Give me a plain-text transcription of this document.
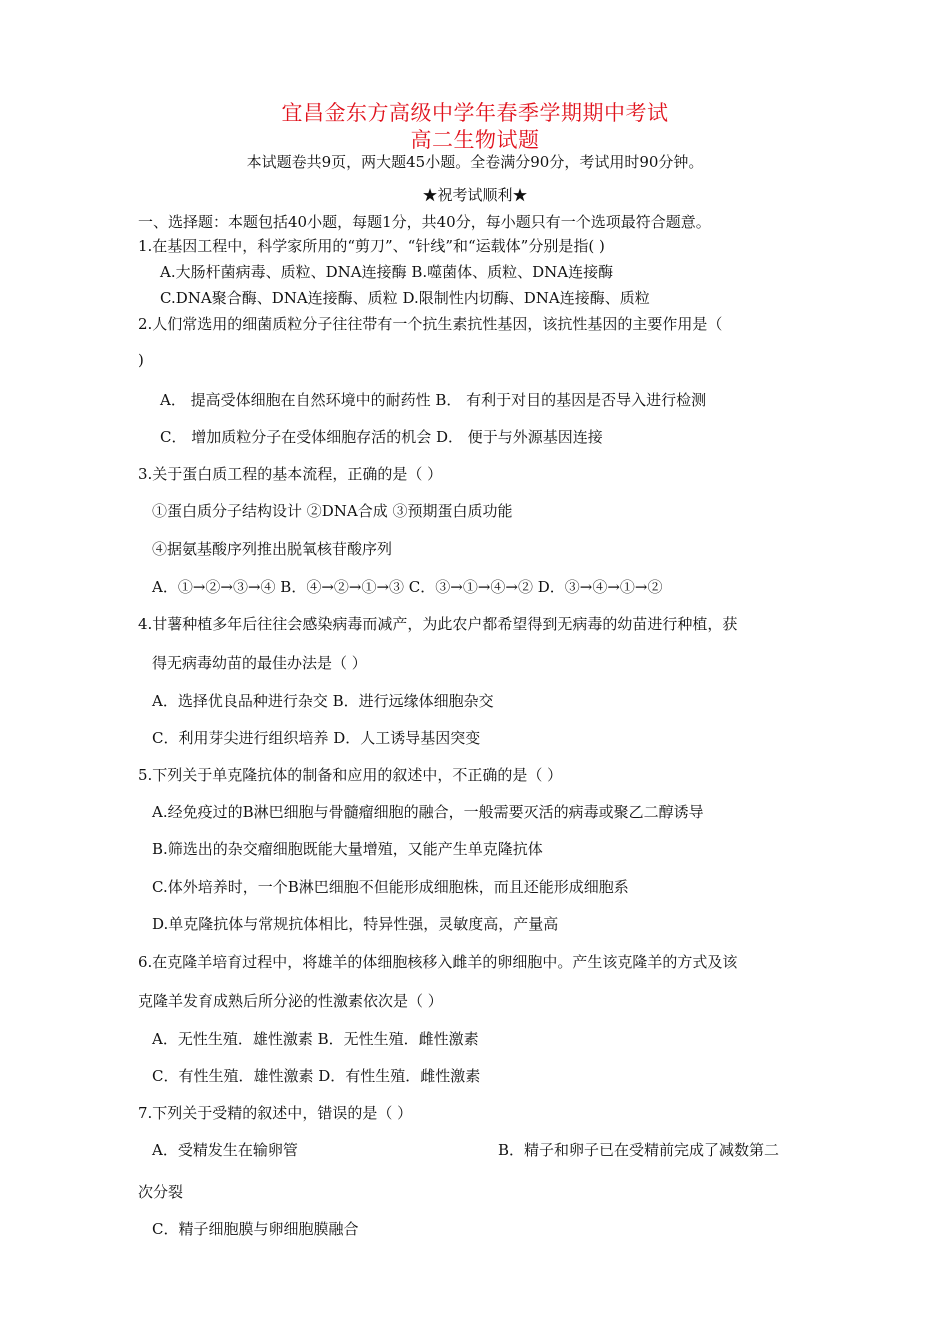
宜昌金东方高级中学年春季学期期中考试
高二生物试题
本试题卷共9页，两大题45小题。全卷满分90分，考试用时90分钟。
★祝考试顺利★
一、选择题：本题包括40小题，每题1分，共40分，每小题只有一个选项最符合题意。
1.在基因工程中，科学家所用的“剪刀”、“针线”和“运载体”分别是指( )
A.大肠杆菌病毒、质粒、DNA连接酶 B.噬菌体、质粒、DNA连接酶
C.DNA聚合酶、DNA连接酶、质粒 D.限制性内切酶、DNA连接酶、质粒
2.人们常选用的细菌质粒分子往往带有一个抗生素抗性基因，该抗性基因的主要作用是（
)
A． 提高受体细胞在自然环境中的耐药性 B． 有利于对目的基因是否导入进行检测
C． 增加质粒分子在受体细胞存活的机会 D． 便于与外源基因连接
3.关于蛋白质工程的基本流程，正确的是（ ）
①蛋白质分子结构设计 ②DNA合成 ③预期蛋白质功能
④据氨基酸序列推出脱氧核苷酸序列
A．①→②→③→④ B．④→②→①→③ C．③→①→④→② D．③→④→①→②
4.甘薯种植多年后往往会感染病毒而减产，为此农户都希望得到无病毒的幼苗进行种植，获
得无病毒幼苗的最佳办法是（ ）
A．选择优良品种进行杂交 B．进行远缘体细胞杂交
C．利用芽尖进行组织培养 D．人工诱导基因突变
5.下列关于单克隆抗体的制备和应用的叙述中，不正确的是（ ）
A.经免疫过的B淋巴细胞与骨髓瘤细胞的融合，一般需要灭活的病毒或聚乙二醇诱导
B.筛选出的杂交瘤细胞既能大量增殖，又能产生单克隆抗体
C.体外培养时，一个B淋巴细胞不但能形成细胞株，而且还能形成细胞系
D.单克隆抗体与常规抗体相比，特异性强，灵敏度高，产量高
6.在克隆羊培育过程中，将雄羊的体细胞核移入雌羊的卵细胞中。产生该克隆羊的方式及该
克隆羊发育成熟后所分泌的性激素依次是（ ）
A．无性生殖．雄性激素 B．无性生殖．雌性激素
C．有性生殖．雄性激素 D．有性生殖．雌性激素
7.下列关于受精的叙述中，错误的是（ ）
A．受精发生在输卵管	B．精子和卵子已在受精前完成了减数第二
次分裂
C．精子细胞膜与卵细胞膜融合
